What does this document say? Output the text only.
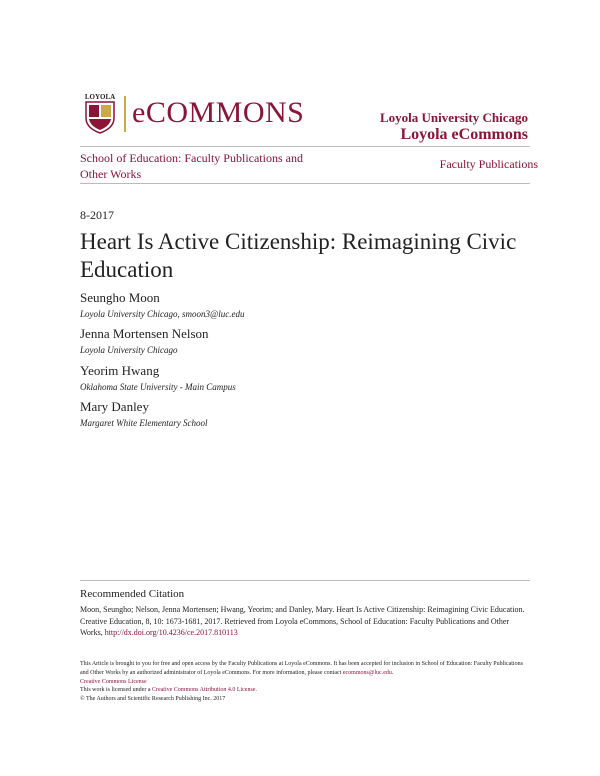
LOYOLA eCOMMONS	Loyola University Chicago
Loyola eCommons
School of Education: Faculty Publications and Other Works
Faculty Publications
8-2017
Heart Is Active Citizenship: Reimagining Civic Education
Seungho Moon
Loyola University Chicago, smoon3@luc.edu
Jenna Mortensen Nelson
Loyola University Chicago
Yeorim Hwang
Oklahoma State University - Main Campus
Mary Danley
Margaret White Elementary School
Recommended Citation
Moon, Seungho; Nelson, Jenna Mortensen; Hwang, Yeorim; and Danley, Mary. Heart Is Active Citizenship: Reimagining Civic Education. Creative Education, 8, 10: 1673-1681, 2017. Retrieved from Loyola eCommons, School of Education: Faculty Publications and Other Works, http://dx.doi.org/10.4236/ce.2017.810113
This Article is brought to you for free and open access by the Faculty Publications at Loyola eCommons. It has been accepted for inclusion in School of Education: Faculty Publications and Other Works by an authorized administrator of Loyola eCommons. For more information, please contact ecommons@luc.edu.
Creative Commons License
This work is licensed under a Creative Commons Attribution 4.0 License.
© The Authors and Scientific Research Publishing Inc. 2017
